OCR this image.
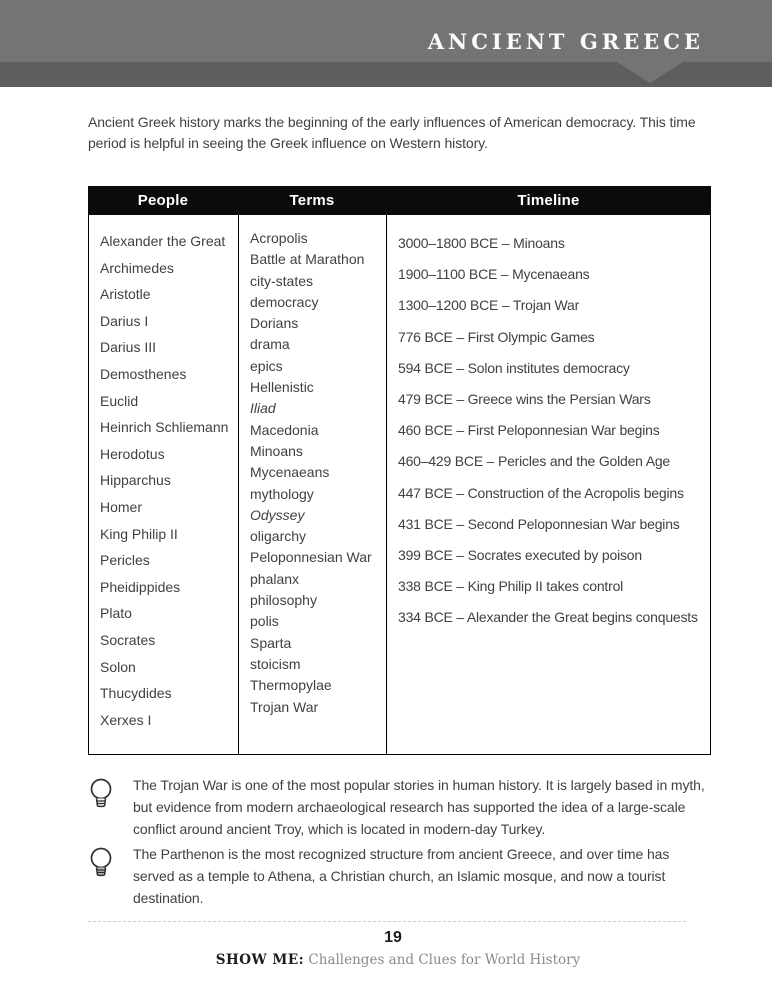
ANCIENT GREECE
Ancient Greek history marks the beginning of the early influences of American democracy. This time period is helpful in seeing the Greek influence on Western history.
People	Terms	Timeline
Alexander the Great
Archimedes
Aristotle
Darius I
Darius III
Demosthenes
Euclid
Heinrich Schliemann
Herodotus
Hipparchus
Homer
King Philip II
Pericles
Pheidippides
Plato
Socrates
Solon
Thucydides
Xerxes I
Acropolis
Battle at Marathon
city-states
democracy
Dorians
drama
epics
Hellenistic
Iliad
Macedonia
Minoans
Mycenaeans
mythology
Odyssey
oligarchy
Peloponnesian War
phalanx
philosophy
polis
Sparta
stoicism
Thermopylae
Trojan War
3000–1800 BCE – Minoans
1900–1100 BCE – Mycenaeans
1300–1200 BCE – Trojan War
776 BCE – First Olympic Games
594 BCE – Solon institutes democracy
479 BCE – Greece wins the Persian Wars
460 BCE – First Peloponnesian War begins
460–429 BCE – Pericles and the Golden Age
447 BCE – Construction of the Acropolis begins
431 BCE – Second Peloponnesian War begins
399 BCE – Socrates executed by poison
338 BCE – King Philip II takes control
334 BCE – Alexander the Great begins conquests
The Trojan War is one of the most popular stories in human history. It is largely based in myth, but evidence from modern archaeological research has supported the idea of a large-scale conflict around ancient Troy, which is located in modern-day Turkey.
The Parthenon is the most recognized structure from ancient Greece, and over time has served as a temple to Athena, a Christian church, an Islamic mosque, and now a tourist destination.
19
SHOW ME: Challenges and Clues for World History
